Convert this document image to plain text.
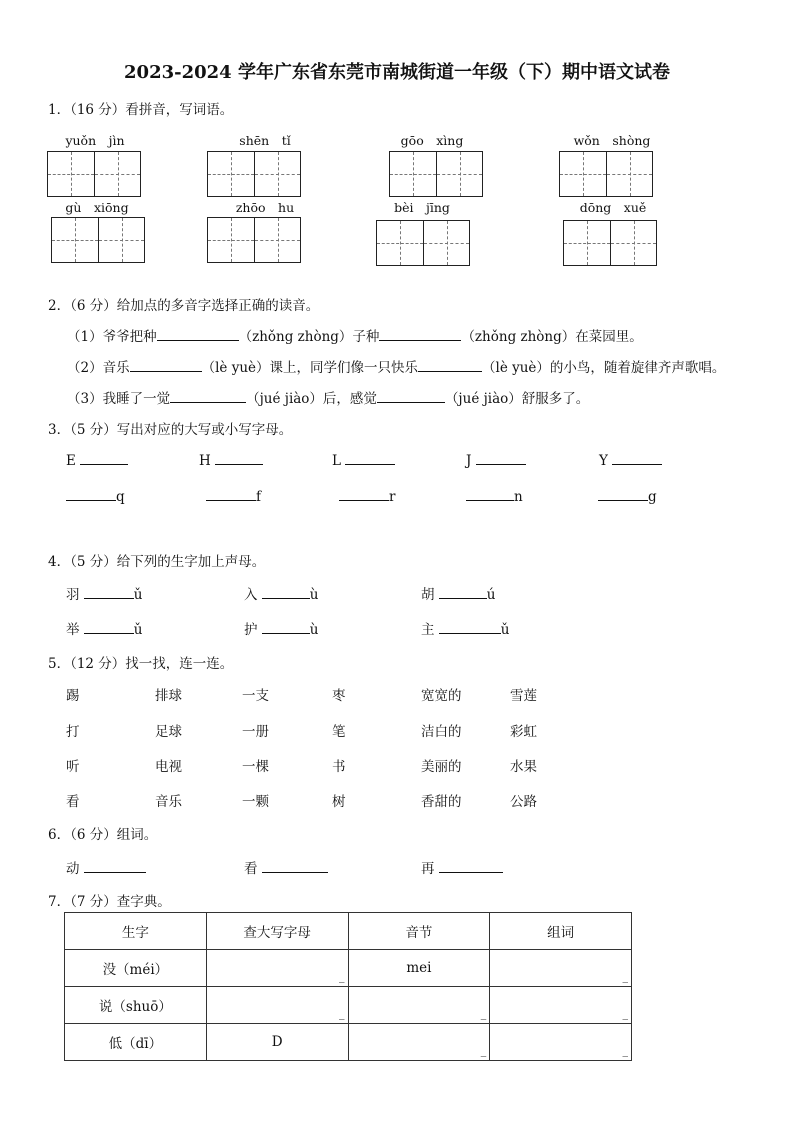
2023-2024 学年广东省东莞市南城街道一年级（下）期中语文试卷
1．（16 分）看拼音，写词语。
yuǒn　jìn	shēn　tǐ	gōo　xìng	wǒn　shòng
gù　xiōng	zhōo　hu	bèi　jīng	dōng　xuě
2．（6 分）给加点的多音字选择正确的读音。
（1）爷爷把种	（zhǒng zhòng）子种	（zhǒng zhòng）在菜园里。
（2）音乐	（lè yuè）课上，同学们像一只快乐	（lè yuè）的小鸟，随着旋律齐声歌唱。
（3）我睡了一觉	（jué jiào）后，感觉	（jué jiào）舒服多了。
3．（5 分）写出对应的大写或小写字母。
E	H	L	J	Y
q	f	r	n	g
4．（5 分）给下列的生字加上声母。
羽	ǔ	入	ù	胡	ú
举	ǔ	护	ù	主	ǔ
5．（12 分）找一找，连一连。
踢	排球	一支	枣	宽宽的	雪莲
打	足球	一册	笔	洁白的	彩虹
听	电视	一棵	书	美丽的	水果
看	音乐	一颗	树	香甜的	公路
6．（6 分）组词。
动	看	再
7．（7 分）查字典。
生字	查大写字母	音节	组词
没（méi）	_	mei	_

说（shuō）	_	_	_

低（dī）	D	_	_
